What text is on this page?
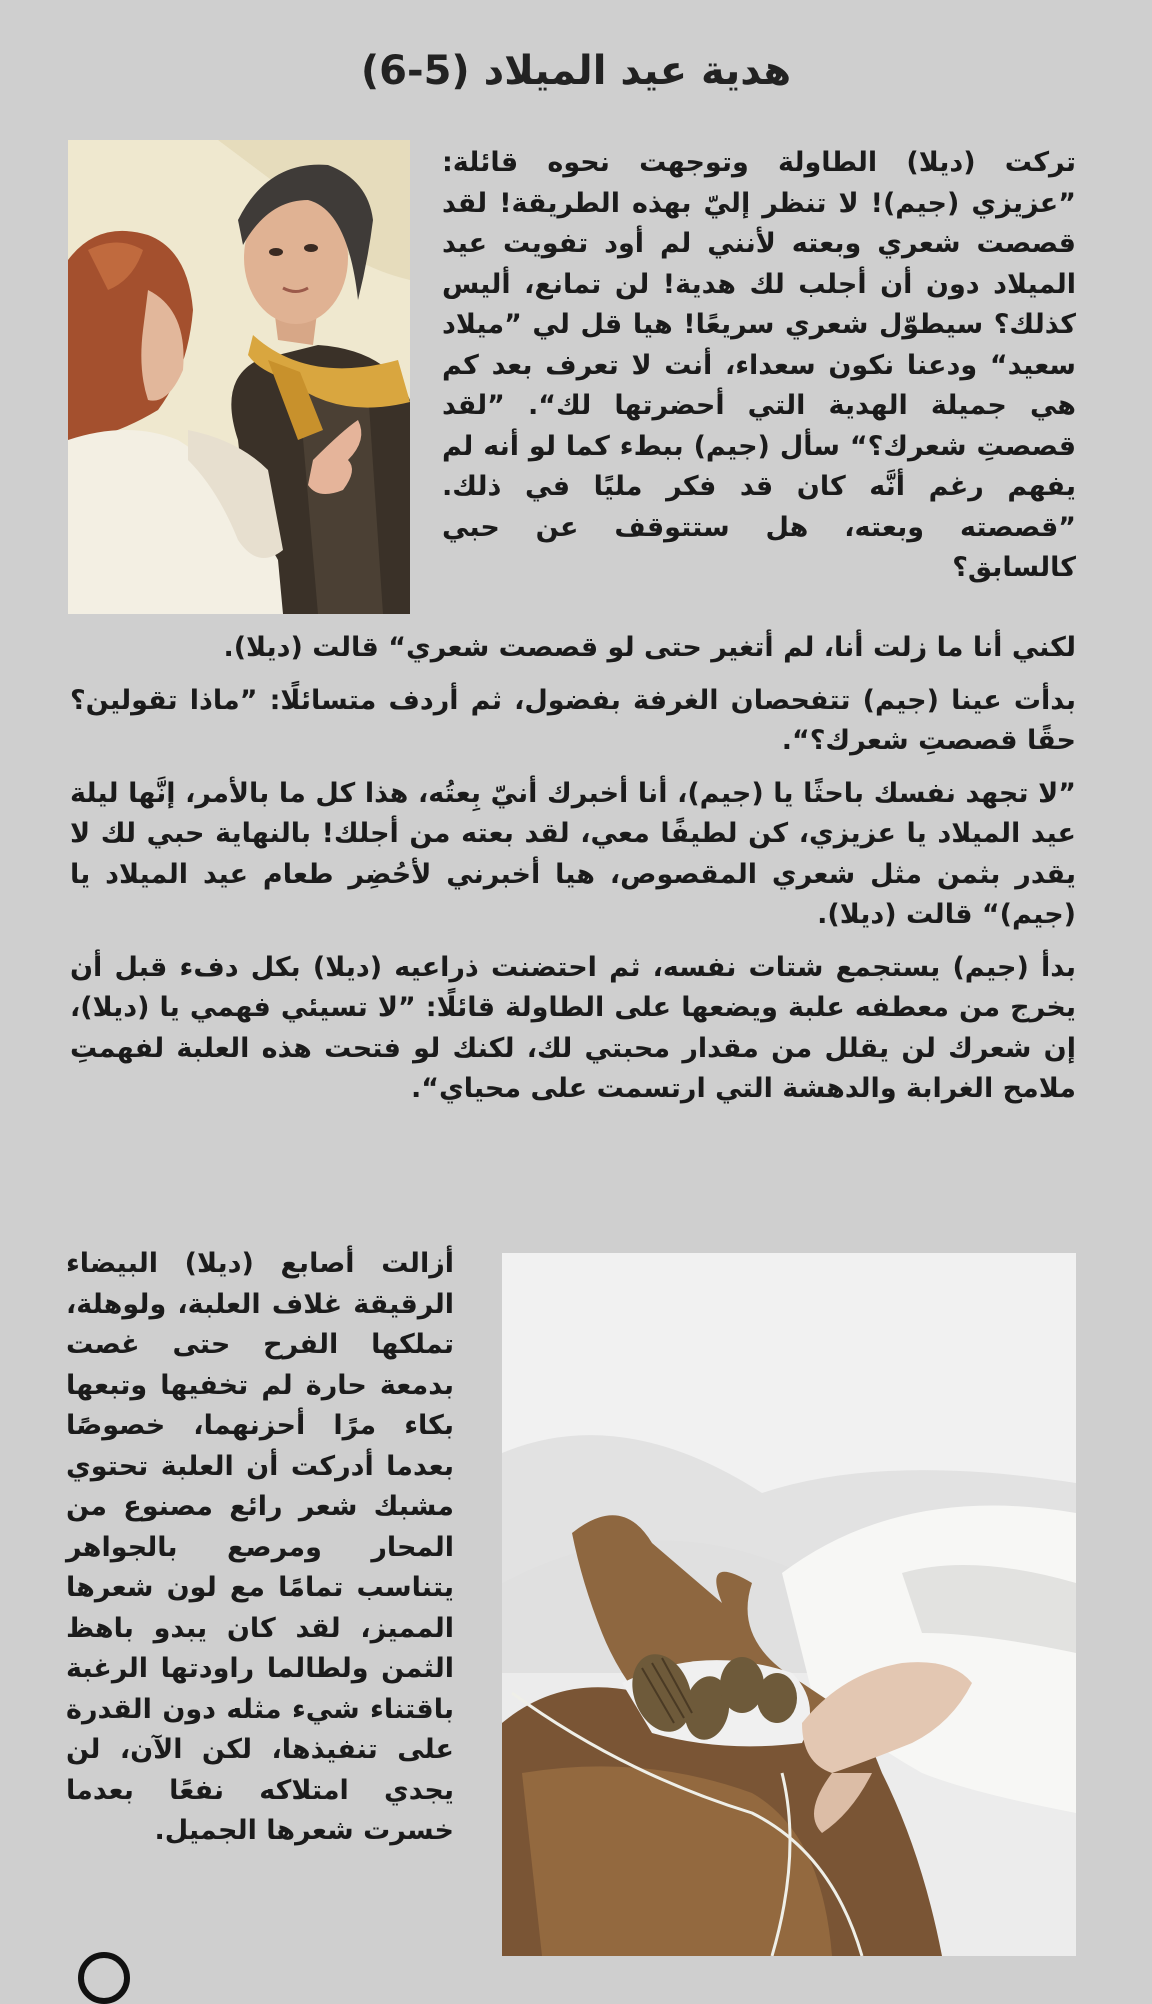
هدية عيد الميلاد (5-6)

تركت (ديلا) الطاولة وتوجهت نحوه قائلة: ”عزيزي (جيم)! لا تنظر إليّ بهذه الطريقة! لقد قصصت شعري وبعته لأنني لم أود تفويت عيد الميلاد دون أن أجلب لك هدية! لن تمانع، أليس كذلك؟ سيطوّل شعري سريعًا! هيا قل لي ”ميلاد سعيد“ ودعنا نكون سعداء، أنت لا تعرف بعد كم هي جميلة الهدية التي أحضرتها لك“. ”لقد قصصتِ شعرك؟“ سأل (جيم) ببطء كما لو أنه لم يفهم رغم أنَّه كان قد فكر مليًا في ذلك. ”قصصته وبعته، هل ستتوقف عن حبي كالسابق؟

لكني أنا ما زلت أنا، لم أتغير حتى لو قصصت شعري“ قالت (ديلا).

بدأت عينا (جيم) تتفحصان الغرفة بفضول، ثم أردف متسائلًا: ”ماذا تقولين؟ حقًا قصصتِ شعرك؟“.

”لا تجهد نفسك باحثًا يا (جيم)، أنا أخبرك أنيّ بِعتُه، هذا كل ما بالأمر، إنَّها ليلة عيد الميلاد يا عزيزي، كن لطيفًا معي، لقد بعته من أجلك! بالنهاية حبي لك لا يقدر بثمن مثل شعري المقصوص، هيا أخبرني لأحُضِر طعام عيد الميلاد يا (جيم)“ قالت (ديلا).

بدأ (جيم) يستجمع شتات نفسه، ثم احتضنت ذراعيه (ديلا) بكل دفء قبل أن يخرج من معطفه علبة ويضعها على الطاولة قائلًا: ”لا تسيئي فهمي يا (ديلا)، إن شعرك لن يقلل من مقدار محبتي لك، لكنك لو فتحت هذه العلبة لفهمتِ ملامح الغرابة والدهشة التي ارتسمت على محياي“.

أزالت أصابع (ديلا) البيضاء الرقيقة غلاف العلبة، ولوهلة، تملكها الفرح حتى غصت بدمعة حارة لم تخفيها وتبعها بكاء مرًا أحزنهما، خصوصًا بعدما أدركت أن العلبة تحتوي مشبك شعر رائع مصنوع من المحار ومرصع بالجواهر يتناسب تمامًا مع لون شعرها المميز، لقد كان يبدو باهظ الثمن ولطالما راودتها الرغبة باقتناء شيء مثله دون القدرة على تنفيذها، لكن الآن، لن يجدي امتلاكه نفعًا بعدما خسرت شعرها الجميل.
